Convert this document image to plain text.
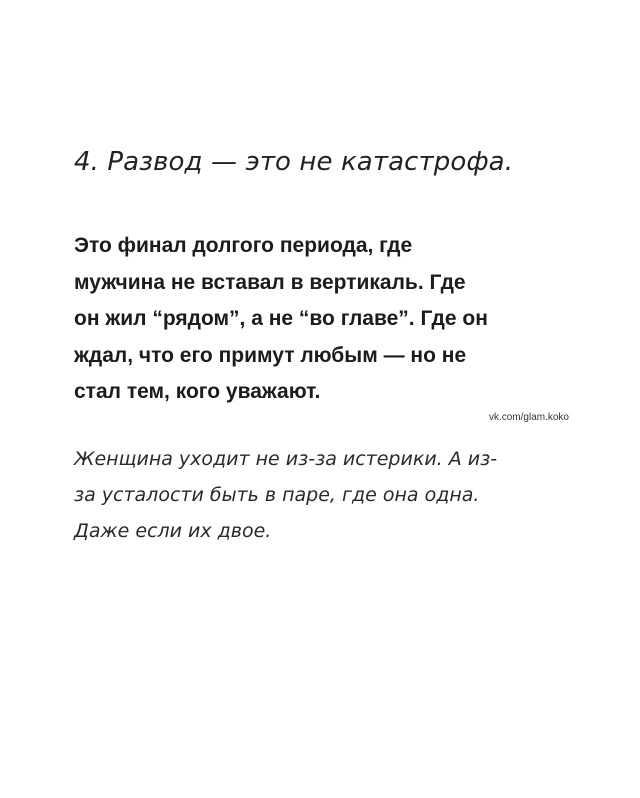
4. Развод — это не катастрофа.

Это финал долгого периода, где
мужчина не вставал в вертикаль. Где
он жил “рядом”, а не “во главе”. Где он
ждал, что его примут любым — но не
стал тем, кого уважают.

vk.com/glam.koko

Женщина уходит не из-за истерики. А из-
за усталости быть в паре, где она одна.
Даже если их двое.
